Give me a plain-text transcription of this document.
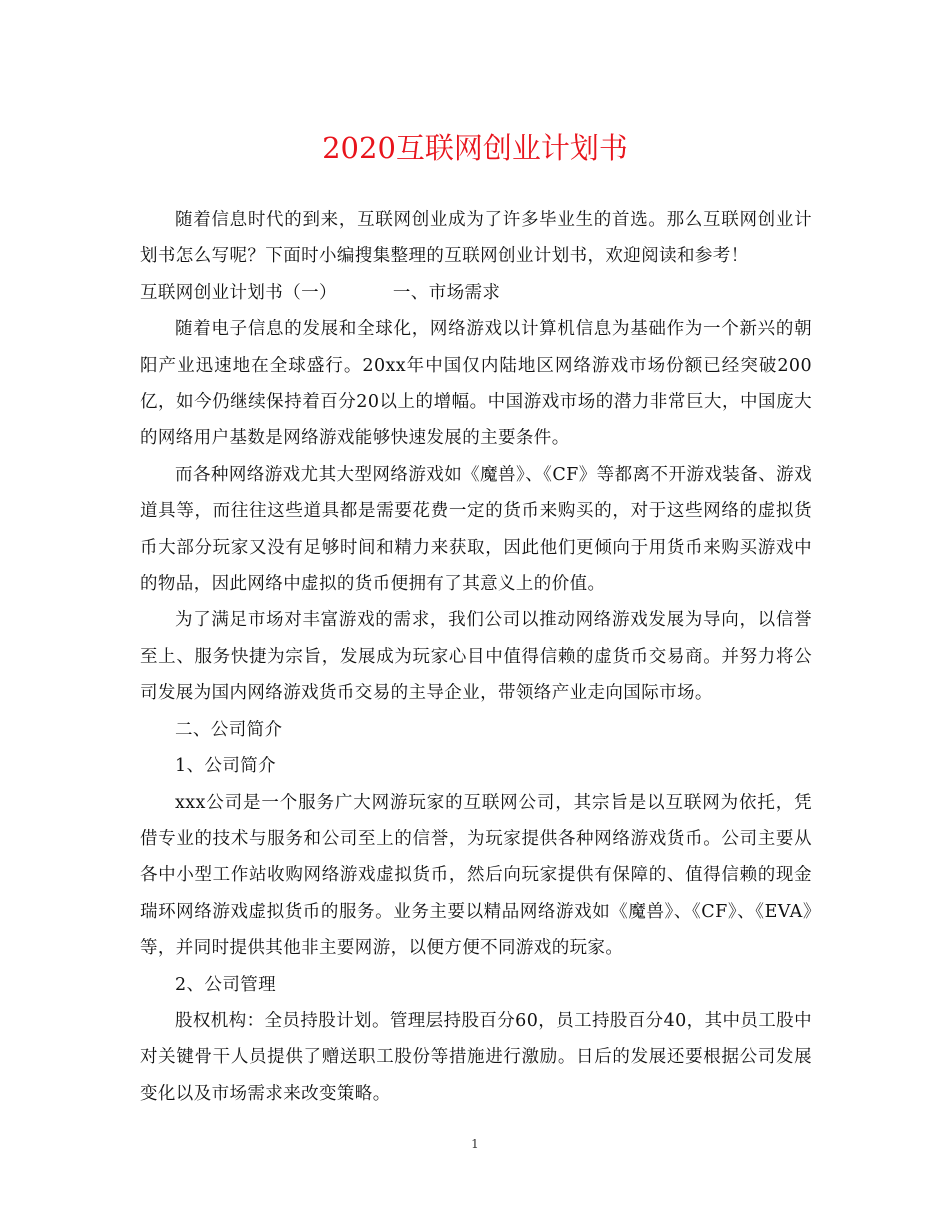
2020互联网创业计划书

随着信息时代的到来，互联网创业成为了许多毕业生的首选。那么互联网创业计划书怎么写呢？下面时小编搜集整理的互联网创业计划书，欢迎阅读和参考！

互联网创业计划书（一）	一、市场需求

随着电子信息的发展和全球化，网络游戏以计算机信息为基础作为一个新兴的朝阳产业迅速地在全球盛行。20xx年中国仅内陆地区网络游戏市场份额已经突破200亿，如今仍继续保持着百分20以上的增幅。中国游戏市场的潜力非常巨大，中国庞大的网络用户基数是网络游戏能够快速发展的主要条件。

而各种网络游戏尤其大型网络游戏如《魔兽》、《CF》等都离不开游戏装备、游戏道具等，而往往这些道具都是需要花费一定的货币来购买的，对于这些网络的虚拟货币大部分玩家又没有足够时间和精力来获取，因此他们更倾向于用货币来购买游戏中的物品，因此网络中虚拟的货币便拥有了其意义上的价值。

为了满足市场对丰富游戏的需求，我们公司以推动网络游戏发展为导向，以信誉至上、服务快捷为宗旨，发展成为玩家心目中值得信赖的虚货币交易商。并努力将公司发展为国内网络游戏货币交易的主导企业，带领络产业走向国际市场。

二、公司简介

1、公司简介

xxx公司是一个服务广大网游玩家的互联网公司，其宗旨是以互联网为依托，凭借专业的技术与服务和公司至上的信誉，为玩家提供各种网络游戏货币。公司主要从各中小型工作站收购网络游戏虚拟货币，然后向玩家提供有保障的、值得信赖的现金瑞环网络游戏虚拟货币的服务。业务主要以精品网络游戏如《魔兽》、《CF》、《EVA》等，并同时提供其他非主要网游，以便方便不同游戏的玩家。

2、公司管理

股权机构：全员持股计划。管理层持股百分60，员工持股百分40，其中员工股中对关键骨干人员提供了赠送职工股份等措施进行激励。日后的发展还要根据公司发展变化以及市场需求来改变策略。

1
